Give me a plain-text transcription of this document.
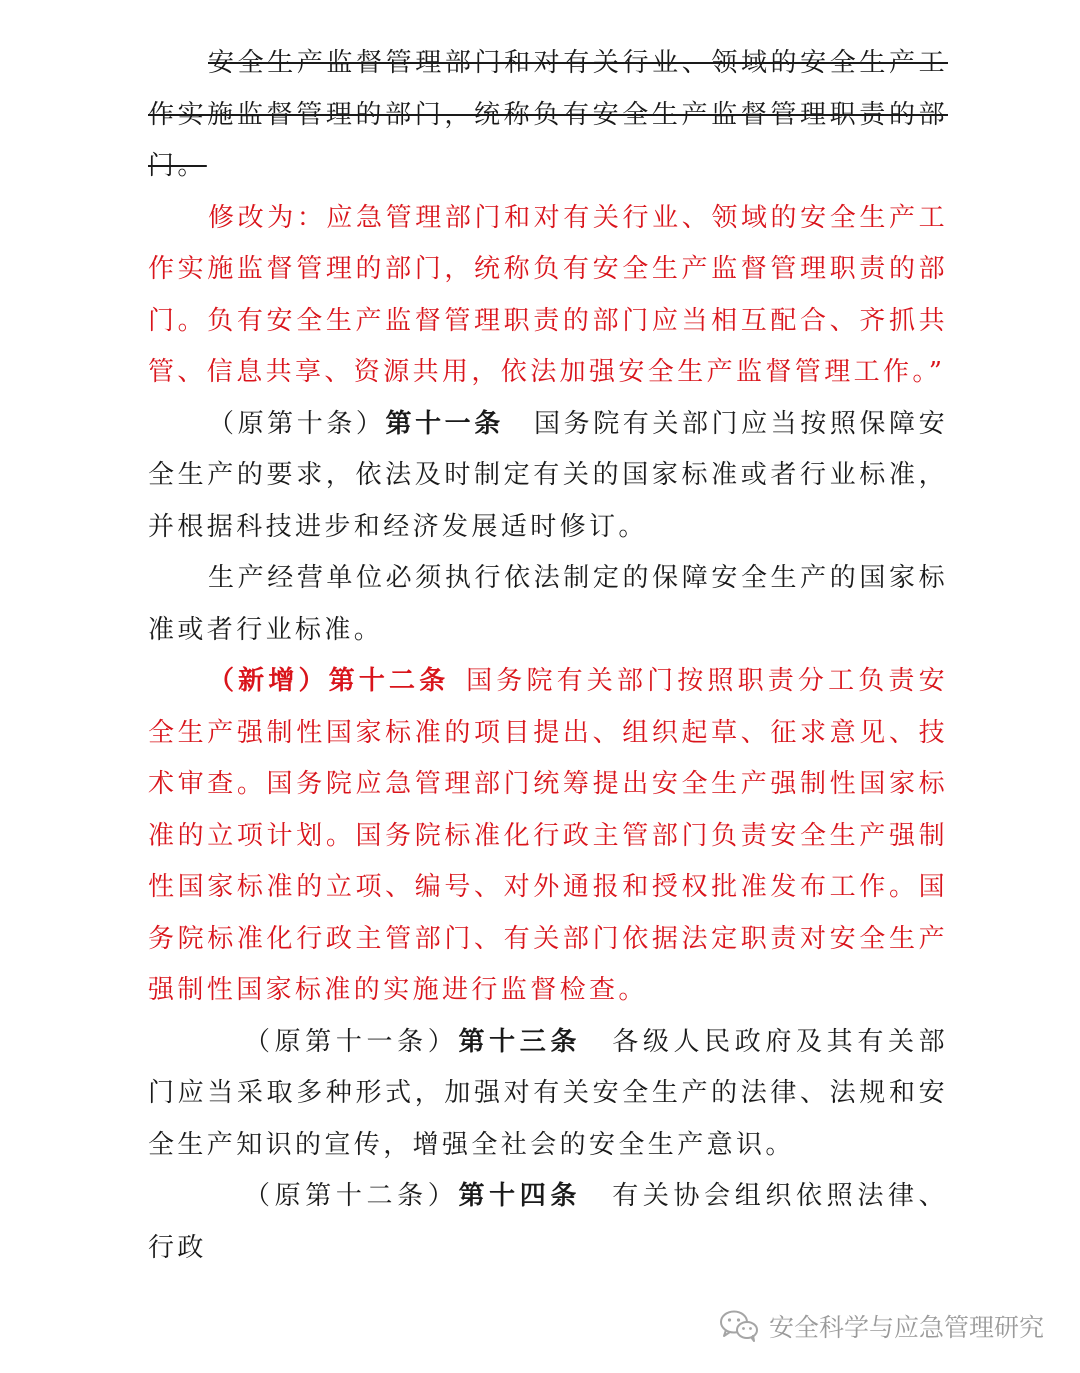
安全生产监督管理部门和对有关行业、领域的安全生产工作实施监督管理的部门，统称负有安全生产监督管理职责的部门。

修改为：应急管理部门和对有关行业、领域的安全生产工作实施监督管理的部门，统称负有安全生产监督管理职责的部门。负有安全生产监督管理职责的部门应当相互配合、齐抓共管、信息共享、资源共用，依法加强安全生产监督管理工作。”

（原第十条）第十一条 国务院有关部门应当按照保障安全生产的要求，依法及时制定有关的国家标准或者行业标准，并根据科技进步和经济发展适时修订。

生产经营单位必须执行依法制定的保障安全生产的国家标准或者行业标准。

（新增）第十二条 国务院有关部门按照职责分工负责安全生产强制性国家标准的项目提出、组织起草、征求意见、技术审查。国务院应急管理部门统筹提出安全生产强制性国家标准的立项计划。国务院标准化行政主管部门负责安全生产强制性国家标准的立项、编号、对外通报和授权批准发布工作。国务院标准化行政主管部门、有关部门依据法定职责对安全生产强制性国家标准的实施进行监督检查。

（原第十一条）第十三条 各级人民政府及其有关部门应当采取多种形式，加强对有关安全生产的法律、法规和安全生产知识的宣传，增强全社会的安全生产意识。

（原第十二条）第十四条 有关协会组织依照法律、行政

安全科学与应急管理研究
